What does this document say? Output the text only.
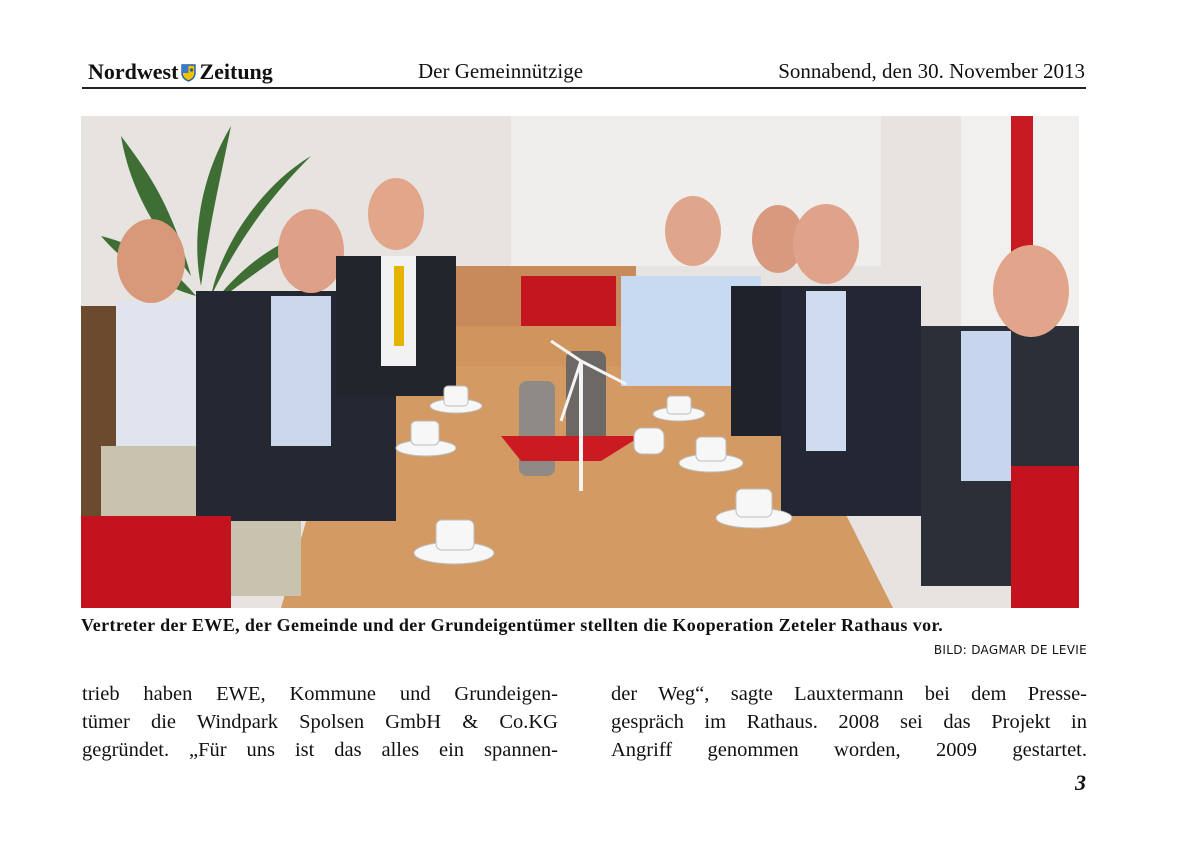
Nordwest Zeitung	Der Gemeinnützige	Sonnabend, den 30. November 2013
Vertreter der EWE, der Gemeinde und der Grundeigentümer stellten die Kooperation Zeteler Rathaus vor.
BILD: DAGMAR DE LEVIE
trieb haben EWE, Kommune und Grundeigen-
tümer die Windpark Spolsen GmbH & Co.KG
gegründet. „Für uns ist das alles ein spannen-
der Weg“, sagte Lauxtermann bei dem Presse-
gespräch im Rathaus. 2008 sei das Projekt in
Angriff genommen worden, 2009 gestartet.
3
